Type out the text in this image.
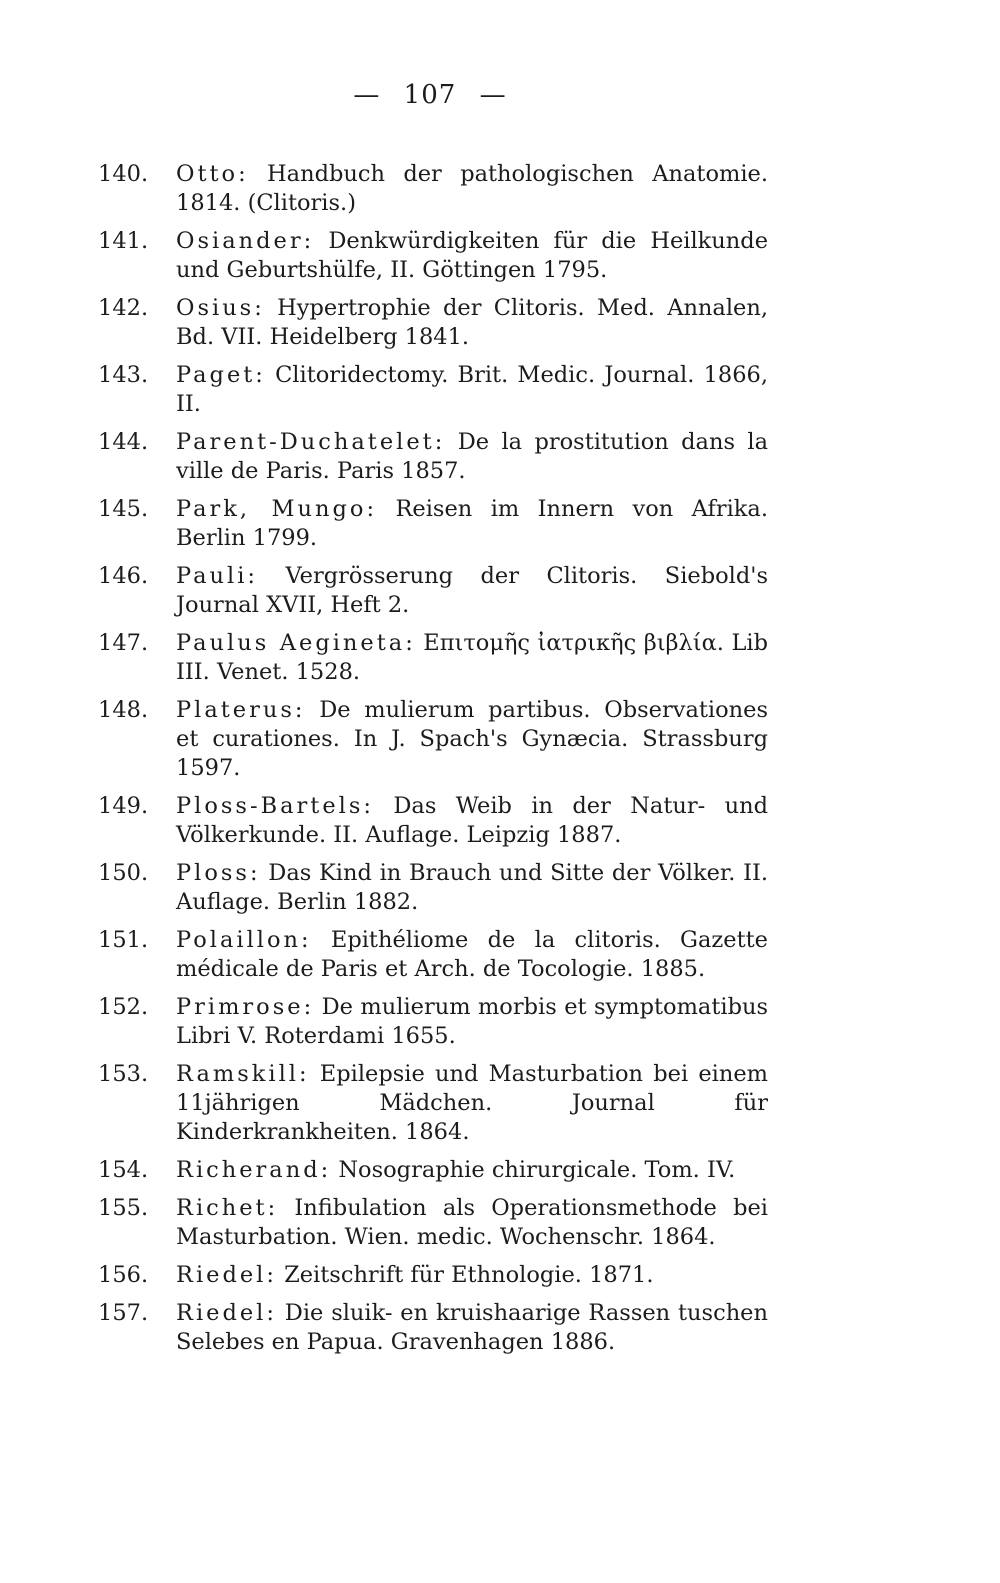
— 107 —
140.	Otto: Handbuch der pathologischen Anatomie. 1814. (Clitoris.)
141.	Osiander: Denkwürdigkeiten für die Heilkunde und Geburtshülfe, II. Göttingen 1795.
142.	Osius: Hypertrophie der Clitoris. Med. Annalen, Bd. VII. Heidelberg 1841.
143.	Paget: Clitoridectomy. Brit. Medic. Journal. 1866, II.
144.	Parent-Duchatelet: De la prostitution dans la ville de Paris. Paris 1857.
145.	Park, Mungo: Reisen im Innern von Afrika. Berlin 1799.
146.	Pauli: Vergrösserung der Clitoris. Siebold's Journal XVII, Heft 2.
147.	Paulus Aegineta: Επιτομῆς ἰατρικῆς βιβλία. Lib III. Venet. 1528.
148.	Platerus: De mulierum partibus. Observationes et curationes. In J. Spach's Gynæcia. Strassburg 1597.
149.	Ploss-Bartels: Das Weib in der Natur- und Völkerkunde. II. Auflage. Leipzig 1887.
150.	Ploss: Das Kind in Brauch und Sitte der Völker. II. Auflage. Berlin 1882.
151.	Polaillon: Epithéliome de la clitoris. Gazette médicale de Paris et Arch. de Tocologie. 1885.
152.	Primrose: De mulierum morbis et symptomatibus Libri V. Roterdami 1655.
153.	Ramskill: Epilepsie und Masturbation bei einem 11jährigen Mädchen. Journal für Kinderkrankheiten. 1864.
154.	Richerand: Nosographie chirurgicale. Tom. IV.
155.	Richet: Infibulation als Operationsmethode bei Masturbation. Wien. medic. Wochenschr. 1864.
156.	Riedel: Zeitschrift für Ethnologie. 1871.
157.	Riedel: Die sluik- en kruishaarige Rassen tuschen Selebes en Papua. Gravenhagen 1886.
